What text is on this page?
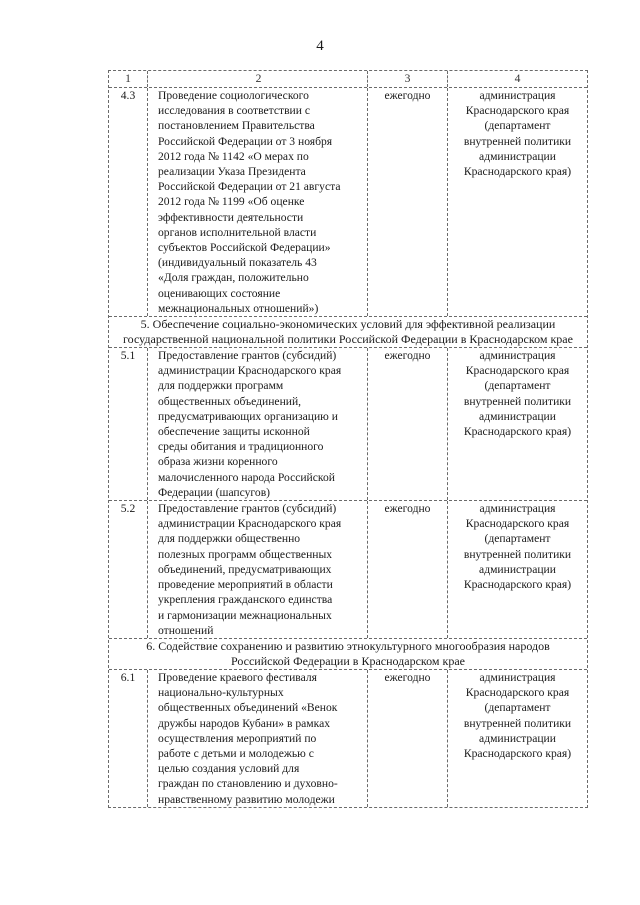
4
1	2	3	4
4.3	Проведение социологического
исследования в соответствии с
постановлением Правительства
Российской Федерации от 3 ноября
2012 года № 1142 «О мерах по
реализации Указа Президента
Российской Федерации от 21 августа
2012 года № 1199 «Об оценке
эффективности деятельности
органов исполнительной власти
субъектов Российской Федерации»
(индивидуальный показатель 43
«Доля граждан, положительно
оценивающих состояние
межнациональных отношений»)
ежегодно	администрация
Краснодарского края
(департамент
внутренней политики
администрации
Краснодарского края)
5. Обеспечение социально-экономических условий для эффективной реализации
государственной национальной политики Российской Федерации в Краснодарском крае
5.1	Предоставление грантов (субсидий)
администрации Краснодарского края
для поддержки программ
общественных объединений,
предусматривающих организацию и
обеспечение защиты исконной
среды обитания и традиционного
образа жизни коренного
малочисленного народа Российской
Федерации (шапсугов)
ежегодно	администрация
Краснодарского края
(департамент
внутренней политики
администрации
Краснодарского края)
5.2	Предоставление грантов (субсидий)
администрации Краснодарского края
для поддержки общественно
полезных программ общественных
объединений, предусматривающих
проведение мероприятий в области
укрепления гражданского единства
и гармонизации межнациональных
отношений
ежегодно	администрация
Краснодарского края
(департамент
внутренней политики
администрации
Краснодарского края)
6. Содействие сохранению и развитию этнокультурного многообразия народов
Российской Федерации в Краснодарском крае
6.1	Проведение краевого фестиваля
национально-культурных
общественных объединений «Венок
дружбы народов Кубани» в рамках
осуществления мероприятий по
работе с детьми и молодежью с
целью создания условий для
граждан по становлению и духовно-
нравственному развитию молодежи
ежегодно	администрация
Краснодарского края
(департамент
внутренней политики
администрации
Краснодарского края)
